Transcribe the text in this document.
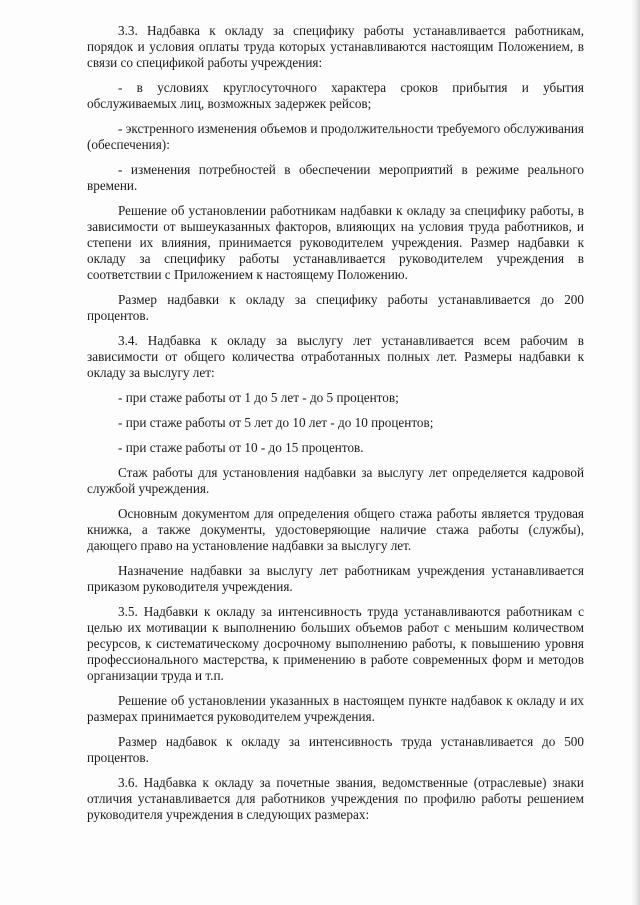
3.3. Надбавка к окладу за специфику работы устанавливается работникам, порядок и условия оплаты труда которых устанавливаются настоящим Положением, в связи со спецификой работы учреждения:

- в условиях круглосуточного характера сроков прибытия и убытия обслуживаемых лиц, возможных задержек рейсов;

- экстренного изменения объемов и продолжительности требуемого обслуживания (обеспечения):

- изменения потребностей в обеспечении мероприятий в режиме реального времени.

Решение об установлении работникам надбавки к окладу за специфику работы, в зависимости от вышеуказанных факторов, влияющих на условия труда работников, и степени их влияния, принимается руководителем учреждения. Размер надбавки к окладу за специфику работы устанавливается руководителем учреждения в соответствии с Приложением к настоящему Положению.

Размер надбавки к окладу за специфику работы устанавливается до 200 процентов.

3.4. Надбавка к окладу за выслугу лет устанавливается всем рабочим в зависимости от общего количества отработанных полных лет. Размеры надбавки к окладу за выслугу лет:

- при стаже работы от 1 до 5 лет - до 5 процентов;

- при стаже работы от 5 лет до 10 лет - до 10 процентов;

- при стаже работы от 10 - до 15 процентов.

Стаж работы для установления надбавки за выслугу лет определяется кадровой службой учреждения.

Основным документом для определения общего стажа работы является трудовая книжка, а также документы, удостоверяющие наличие стажа работы (службы), дающего право на установление надбавки за выслугу лет.

Назначение надбавки за выслугу лет работникам учреждения устанавливается приказом руководителя учреждения.

3.5. Надбавки к окладу за интенсивность труда устанавливаются работникам с целью их мотивации к выполнению больших объемов работ с меньшим количеством ресурсов, к систематическому досрочному выполнению работы, к повышению уровня профессионального мастерства, к применению в работе современных форм и методов организации труда и т.п.

Решение об установлении указанных в настоящем пункте надбавок к окладу и их размерах принимается руководителем учреждения.

Размер надбавок к окладу за интенсивность труда устанавливается до 500 процентов.

3.6. Надбавка к окладу за почетные звания, ведомственные (отраслевые) знаки отличия устанавливается для работников учреждения по профилю работы решением руководителя учреждения в следующих размерах:
